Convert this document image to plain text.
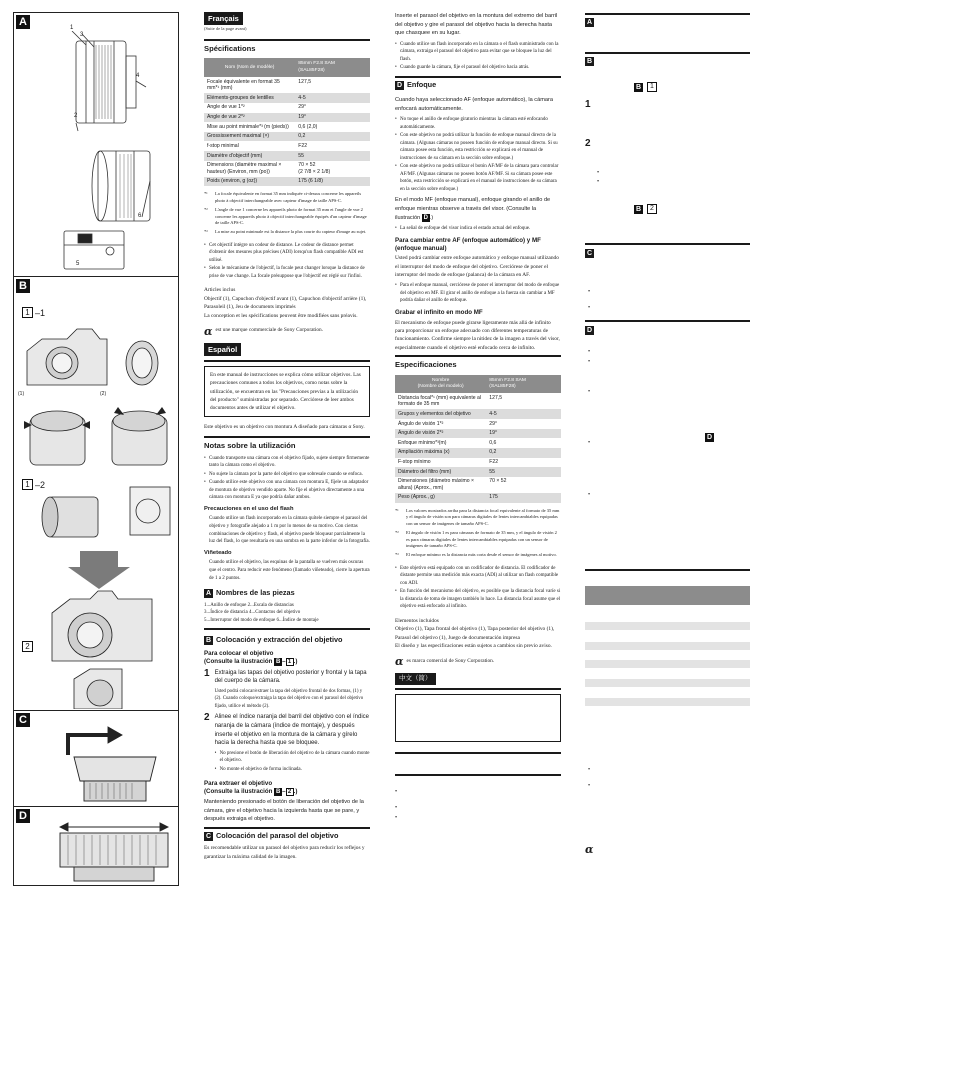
A	1
3
4
2
6
5
B
1 –1
(1)	(2)
1 –2
2
C
D
Français
(Suite de la page avant)
Spécifications
Nom (Nom de modèle)	85mm F2.8 SAM
(SAL85F28)
Focale équivalente en format 35 mm*¹ (mm)	127,5
Eléments-groupes de lentilles	4-5
Angle de vue 1*²	29°
Angle de vue 2*²	19°
Mise au point minimale*³ (m (pieds))	0,6 (2,0)
Grossissement maximal (×)	0,2
f-stop minimal	F22
Diamètre d'objectif (mm)	55
Dimensions (diamètre maximal × hauteur) (Environ, mm (po))	70 × 52
(2 7/8 × 2 1/8)
Poids (environ, g (oz))	175 (6 1/8)
*¹	La focale équivalente en format 35 mm indiquée ci-dessus concerne les appareils photo à objectif interchangeable avec capteur d'image de taille APS-C.
*²	L'angle de vue 1 concerne les appareils photo de format 35 mm et l'angle de vue 2 concerne les appareils photo à objectif interchangeable équipés d'un capteur d'image de taille APS-C.
*³	La mise au point minimale est la distance la plus courte du capteur d'image au sujet.
• Cet objectif intègre un codeur de distance. Le codeur de distance permet d'obtenir des mesures plus précises (ADI) lorsqu'un flash compatible ADI est utilisé.
• Selon le mécanisme de l'objectif, la focale peut changer lorsque la distance de prise de vue change. La focale présuppose que l'objectif est réglé sur l'infini.

Articles inclus

Objectif (1), Capuchon d'objectif avant (1), Capuchon d'objectif arrière (1), Parasoleil (1), Jeu de documents imprimés

La conception et les spécifications peuvent être modifiées sans préavis.

α est une marque commerciale de Sony Corporation.
Español
En este manual de instrucciones se explica cómo utilizar objetivos. Las precauciones comunes a todos los objetivos, como notas sobre la utilización, se encuentran en las "Precauciones previas a la utilización del producto" suministradas por separado. Cerciórese de leer ambos documentos antes de utilizar el objetivo.

Este objetivo es un objetivo con montura A diseñado para cámaras α Sony.

Notas sobre la utilización
• Cuando transporte una cámara con el objetivo fijado, sujete siempre firmemente tanto la cámara como el objetivo.
• No sujete la cámara por la parte del objetivo que sobresale cuando se enfoca.
• Cuando utilice este objetivo con una cámara con montura E, fíjele un adaptador de montura de objetivo vendido aparte. No fije el objetivo directamente a una cámara con montura E ya que podría dañar ambos.
Precauciones en el uso del flash

Cuando utilice un flash incorporado en la cámara quítele siempre el parasol del objetivo y fotografíe alejado a 1 m por lo menos de su motivo. Con ciertas combinaciones de objetivo y flash, el objetivo puede bloquear parcialmente la luz del flash, lo que resultaría en una sombra en la parte inferior de la fotografía.

Viñeteado

Cuando utilice el objetivo, las esquinas de la pantalla se vuelven más oscuras que el centro. Para reducir este fenómeno (llamado viñeteado), cierre la apertura de 1 a 2 puntos.

A Nombres de las piezas

1...Anillo de enfoque 2...Escala de distancias
3...Índice de distancia 4...Contactos del objetivo
5...Interruptor del modo de enfoque 6...Índice de montaje

B Colocación y extracción del objetivo
Para colocar el objetivo
(Consulte la ilustración B – 1 .)
1 Extraiga las tapas del objetivo posterior y frontal y la tapa del cuerpo de la cámara.
Usted podrá colocar/extraer la tapa del objetivo frontal de dos formas, (1) y (2). Cuando coloque/extraiga la tapa del objetivo con el parasol del objetivo fijado, utilice el método (2).
2 Alinee el índice naranja del barril del objetivo con el índice naranja de la cámara (índice de montaje), y después inserte el objetivo en la montura de la cámara y gírelo hacia la derecha hasta que se bloquee.
• No presione el botón de liberación del objetivo de la cámara cuando monte el objetivo.
• No monte el objetivo de forma inclinada.
Para extraer el objetivo
(Consulte la ilustración B – 2 .)

Manteniendo presionado el botón de liberación del objetivo de la cámara, gire el objetivo hacia la izquierda hasta que se pare, y después extraiga el objetivo.

C Colocación del parasol del objetivo

Es recomendable utilizar un parasol del objetivo para reducir los reflejos y garantizar la máxima calidad de la imagen.

Inserte el parasol del objetivo en la montura del extremo del barril del objetivo y gire el parasol del objetivo hacia la derecha hasta que chasquee en su lugar.

• Cuando utilice un flash incorporado en la cámara o el flash suministrado con la cámara, extraiga el parasol del objetivo para evitar que se bloquee la luz del flash.
• Cuando guarde la cámara, fije el parasol del objetivo hacia atrás.
D Enfoque

Cuando haya seleccionado AF (enfoque automático), la cámara enfocará automáticamente.

• No toque el anillo de enfoque giratorio mientras la cámara esté enfocando automáticamente.
• Con este objetivo no podrá utilizar la función de enfoque manual directo de la cámara. (Algunas cámaras no poseen función de enfoque manual directo. Si su cámara posee esta función, esta restricción se explicará en el manual de instrucciones de su cámara en la sección sobre enfoque.)
• Con este objetivo no podrá utilizar el botón AF/MF de la cámara para controlar AF/MF. (Algunas cámaras no poseen botón AF/MF. Si su cámara posee este botón, esta restricción se explicará en el manual de instrucciones de su cámara en la sección sobre enfoque.)

En el modo MF (enfoque manual), enfoque girando el anillo de enfoque mientras observe a través del visor. (Consulte la ilustración D .)

• La señal de enfoque del visor indica el estado actual del enfoque.
Para cambiar entre AF (enfoque automático) y MF (enfoque manual)

Usted podrá cambiar entre enfoque automático y enfoque manual utilizando el interruptor del modo de enfoque del objetivo. Cerciórese de poner el interruptor del modo de enfoque (palanca) de la cámara en AF.

• Para el enfoque manual, cerciórese de poner el interruptor del modo de enfoque del objetivo en MF. El girar el anillo de enfoque a la fuerza sin cambiar a MF podría dañar el anillo de enfoque.
Grabar el infinito en modo MF

El mecanismo de enfoque puede girarse ligeramente más allá de infinito para proporcionar un enfoque adecuado con diferentes temperaturas de funcionamiento. Confirme siempre la nitidez de la imagen a través del visor, especialmente cuando el objetivo esté enfocado cerca de infinito.

Especificaciones
Nombre
(Nombre del modelo)	85mm F2.8 SAM
(SAL85F28)
Distancia focal*¹ (mm) equivalente al formato de 35 mm	127,5
Grupos y elementos del objetivo	4-5
Ángulo de visión 1*²	29°
Ángulo de visión 2*²	19°
Enfoque mínimo*³(m)	0,6
Ampliación máxima (x)	0,2
F-stop mínimo	F22
Diámetro del filtro (mm)	55
Dimensiones (diámetro máximo × altura) (Aprox., mm)	70 × 52
Peso (Aprox., g)	175
*¹	Los valores mostrados arriba para la distancia focal equivalente al formato de 35 mm y el ángulo de visión son para cámaras digitales de lentes intercambiables equipadas con un sensor de imágenes de tamaño APS-C.
*²	El ángulo de visión 1 es para cámaras de formato de 35 mm, y el ángulo de visión 2 es para cámaras digitales de lentes intercambiables equipadas con un sensor de imágenes de tamaño APS-C.
*³	El enfoque mínimo es la distancia más corta desde el sensor de imágenes al motivo.
• Este objetivo está equipado con un codificador de distancia. El codificador de distante permite una medición más exacta (ADI) al utilizar un flash compatible con ADI.
• En función del mecanismo del objetivo, es posible que la distancia focal varíe si la distancia de toma de imagen también lo hace. La distancia focal asume que el objetivo está enfocado al infinito.

Elementos incluidos

Objetivo (1), Tapa frontal del objetivo (1), Tapa posterior del objetivo (1), Parasol del objetivo (1), Juego de documentación impresa

El diseño y las especificaciones están sujetos a cambios sin previo aviso.

α es marca comercial de Sony Corporation.
中文（简）
•
•
•
A
B
B	1
1
2
•
•
B	2
C
•
•
D
•
•
•
D
•
•
•
•
α
